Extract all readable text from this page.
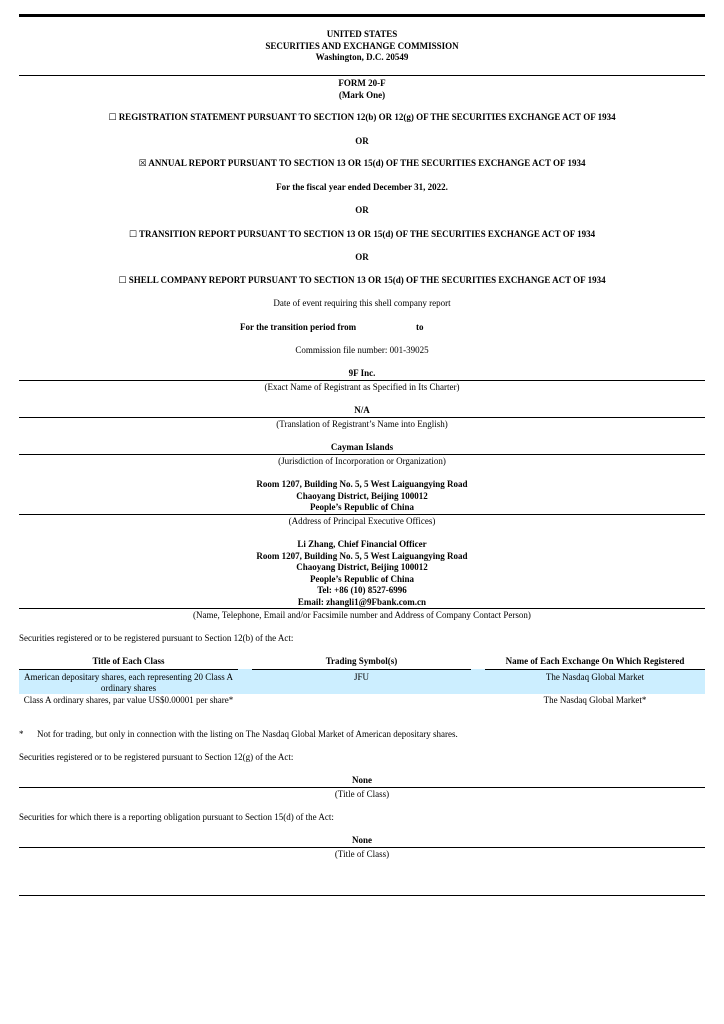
UNITED STATES
SECURITIES AND EXCHANGE COMMISSION
Washington, D.C. 20549
FORM 20-F
(Mark One)
☐ REGISTRATION STATEMENT PURSUANT TO SECTION 12(b) OR 12(g) OF THE SECURITIES EXCHANGE ACT OF 1934
OR
☒ ANNUAL REPORT PURSUANT TO SECTION 13 OR 15(d) OF THE SECURITIES EXCHANGE ACT OF 1934
For the fiscal year ended December 31, 2022.
OR
☐ TRANSITION REPORT PURSUANT TO SECTION 13 OR 15(d) OF THE SECURITIES EXCHANGE ACT OF 1934
OR
☐ SHELL COMPANY REPORT PURSUANT TO SECTION 13 OR 15(d) OF THE SECURITIES EXCHANGE ACT OF 1934
Date of event requiring this shell company report
For the transition period from	to
Commission file number: 001-39025
9F Inc.
(Exact Name of Registrant as Specified in Its Charter)
N/A
(Translation of Registrant’s Name into English)
Cayman Islands
(Jurisdiction of Incorporation or Organization)
Room 1207, Building No. 5, 5 West Laiguangying Road
Chaoyang District, Beijing 100012
People’s Republic of China
(Address of Principal Executive Offices)
Li Zhang, Chief Financial Officer
Room 1207, Building No. 5, 5 West Laiguangying Road
Chaoyang District, Beijing 100012
People’s Republic of China
Tel: +86 (10) 8527-6996
Email: zhangli1@9Fbank.com.cn
(Name, Telephone, Email and/or Facsimile number and Address of Company Contact Person)
Securities registered or to be registered pursuant to Section 12(b) of the Act:
Title of Each Class		Trading Symbol(s)		Name of Each Exchange On Which Registered
American depositary shares, each representing 20 Class A ordinary shares		JFU		The Nasdaq Global Market
Class A ordinary shares, par value US$0.00001 per share*				The Nasdaq Global Market*
* Not for trading, but only in connection with the listing on The Nasdaq Global Market of American depositary shares.
Securities registered or to be registered pursuant to Section 12(g) of the Act:
None
(Title of Class)
Securities for which there is a reporting obligation pursuant to Section 15(d) of the Act:
None
(Title of Class)
